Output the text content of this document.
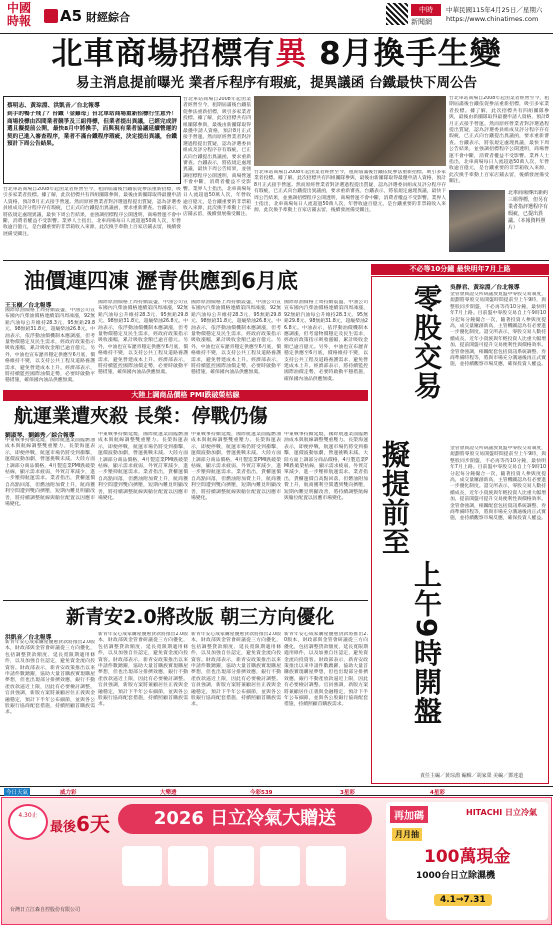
中國時報	A5 財經綜合
中時
新聞網
中華民國115年4月25日／星期六
https://www.chinatimes.com
北車商場招標有異 8月換手生變
易主消息提前曝光 業者斥程序有瑕疵，提異議函 台鐵最快下周公告
蔡明志、黃琮淵、洪凱音／台北報導
到手的鴨子飛了？台鐵「金雞母」台北車站商場重新招標行生意外！商場投標由四間業者競爭及三組得標，但業者提出異議，已經完成評選且擬提前公開，最快8月中將換手，而與現有業者協議延續營運的契約已進入審查程序，業者不滿台鐵程序瑕疵，決定提出異議，台鐵預計下周公告結果。
台北車站商場自2008年起由業者經營至今，租期屆滿後台鐵依促參法重新招標，吸引多家業者投標。據了解，此次招標共有四組團隊參與，最後由新團隊取得最優申請人資格，預計8月正式接手營運。然而原經營業者對評選過程提出質疑，認為評選委員組成及評分程序存有瑕疵，已正式向台鐵提出異議函，要求重新審查。台鐵表示，將依規定處理異議，最快下周公告結果，並強調招標程序公開透明，商場營運不會中斷，消費者權益不受影響。業界人士指出，北車商場每日人流超過50萬人次，年營收逾百億元，是台鐵重要的非票箱收入來源，此次換手牽動上百家店鋪去留，後續發展備受關注。
台北車站商場自2008年起由業者經營至今，租期屆滿後台鐵依促參法重新招標，吸引多家業者投標。據了解，此次招標共有四組團隊參與，最後由新團隊取得最優申請人資格，預計8月正式接手營運。然而原經營業者對評選過程提出質疑，認為評選委員組成及評分程序存有瑕疵，已正式向台鐵提出異議函，要求重新審查。台鐵表示，將依規定處理異議，最快下周公告結果，並強調招標程序公開透明，商場營運不會中斷，消費者權益不受影響。業界人士指出，北車商場每日人流超過50萬人次，年營收逾百億元，是台鐵重要的非票箱收入來源，此次換手牽動上百家店鋪去留，後續發展備受關注。
台北車站商場自2008年起由業者經營至今，租期屆滿後台鐵依促參法重新招標，吸引多家業者投標。據了解，此次招標共有四組團隊參與，最後由新團隊取得最優申請人資格，預計8月正式接手營運。然而原經營業者對評選過程提出質疑，認為評選委員組成及評分程序存有瑕疵，已正式向台鐵提出異議函，要求重新審查。台鐵表示，將依規定處理異議，最快下周公告結果，並強調招標程序公開透明，商場營運不會中斷，消費者權益不受影響。業界人士指出，北車商場每日人流超過50萬人次，年營收逾百億元，是台鐵重要的非票箱收入來源，此次換手牽動上百家店鋪去留，後續發展備受關注。
台北車站商場自2008年起由業者經營至今，租期屆滿後台鐵依促參法重新招標，吸引多家業者投標。據了解，此次招標共有四組團隊參與，最後由新團隊取得最優申請人資格，預計8月正式接手營運。然而原經營業者對評選過程提出質疑，認為評選委員組成及評分程序存有瑕疵，已正式向台鐵提出異議函，要求重新審查。台鐵表示，將依規定處理異議，最快下周公告結果，並強調招標程序公開透明，商場營運不會中斷，消費者權益不受影響。業界人士指出，北車商場每日人流超過50萬人次，年營收逾百億元，是台鐵重要的非票箱收入來源，此次換手牽動上百家店鋪去留，後續發展備受關注。
北車商場傳出新約三組得標，但另有業者指評選程序有瑕疵，已提出異議。（本報資料照片）
油價連四凍 瀝青供應到6月底
王玉樹／台北報導
國際原油價格上周持續震盪，中油公司宣布國內汽柴油價格連續第四周凍漲，92無鉛汽油每公升維持28.3元、95無鉛29.8元、98無鉛31.8元，超級柴油26.8元。中油表示，依浮動油價機制本應調漲，但考量物價穩定及民生需求，經政府政策指示吸收漲幅，累計吸收金額已逾百億元。另外，中油也宣布瀝青穩定供應至6月底，價格維持不變，以支持公共工程及道路養護需求，避免營建成本上升。經濟部表示，將持續監控國際油價走勢，必要時啟動平穩措施，確保國內油品供應無虞。
國際原油價格上周持續震盪，中油公司宣布國內汽柴油價格連續第四周凍漲，92無鉛汽油每公升維持28.3元、95無鉛29.8元、98無鉛31.8元，超級柴油26.8元。中油表示，依浮動油價機制本應調漲，但考量物價穩定及民生需求，經政府政策指示吸收漲幅，累計吸收金額已逾百億元。另外，中油也宣布瀝青穩定供應至6月底，價格維持不變，以支持公共工程及道路養護需求，避免營建成本上升。經濟部表示，將持續監控國際油價走勢，必要時啟動平穩措施，確保國內油品供應無虞。
國際原油價格上周持續震盪，中油公司宣布國內汽柴油價格連續第四周凍漲，92無鉛汽油每公升維持28.3元、95無鉛29.8元、98無鉛31.8元，超級柴油26.8元。中油表示，依浮動油價機制本應調漲，但考量物價穩定及民生需求，經政府政策指示吸收漲幅，累計吸收金額已逾百億元。另外，中油也宣布瀝青穩定供應至6月底，價格維持不變，以支持公共工程及道路養護需求，避免營建成本上升。經濟部表示，將持續監控國際油價走勢，必要時啟動平穩措施，確保國內油品供應無虞。
國際原油價格上周持續震盪，中油公司宣布國內汽柴油價格連續第四周凍漲，92無鉛汽油每公升維持28.3元、95無鉛29.8元、98無鉛31.8元，超級柴油26.8元。中油表示，依浮動油價機制本應調漲，但考量物價穩定及民生需求，經政府政策指示吸收漲幅，累計吸收金額已逾百億元。另外，中油也宣布瀝青穩定供應至6月底，價格維持不變，以支持公共工程及道路養護需求，避免營建成本上升。經濟部表示，將持續監控國際油價走勢，必要時啟動平穩措施，確保國內油品供應無虞。
不必等10分鐘 最快明年7月上路
零股交易
擬提前至
上午9時開盤
吳靜君、黃琮淵／台北報導
金管會與證交所研議放寬盤中零股交易制度，規劃將零股交易開盤時間提前至上午9時，與整股同步開盤，不必再等待10分鐘，最快明年7月上路。目前盤中零股交易自上午9時10分起每分鐘撮合一次，隨著投資人參與度提高，成交量屢創新高，主管機關認為有必要進一步優化制度。證交所表示，零股交易人數持續成長，近年小資族與年輕投資人比重大幅增加，提前開盤可提升交易便利性與價格效率。金管會強調，相關配套包括資訊系統調整、券商準備時程等，將與市場充分溝通後再正式實施，並持續觀察市場反應，確保投資人權益。
金管會與證交所研議放寬盤中零股交易制度，規劃將零股交易開盤時間提前至上午9時，與整股同步開盤，不必再等待10分鐘，最快明年7月上路。目前盤中零股交易自上午9時10分起每分鐘撮合一次，隨著投資人參與度提高，成交量屢創新高，主管機關認為有必要進一步優化制度。證交所表示，零股交易人數持續成長，近年小資族與年輕投資人比重大幅增加，提前開盤可提升交易便利性與價格效率。金管會強調，相關配套包括資訊系統調整、券商準備時程等，將與市場充分溝通後再正式實施，並持續觀察市場反應，確保投資人權益。
責任主編／黃琮淵 編輯／胡家榮 美編／鄧達道
大陸上調商品價格 PMI跌破榮枯線
航運業遭夾殺 長榮：停戰仍傷
劉淑琴、劉錦秀／綜合報導
中東戰事持續延燒，國際航運業面臨燃油成本與航線調整雙重壓力。長榮海運表示，即便停戰，航運市場仍將受到衝擊，運價波動加劇，營運挑戰未減。大陸方面上調部分商品價格，4月製造業PMI跌破榮枯線，顯示需求疲弱，外貿訂單減少，進一步壓抑航運需求。業者指出，貨櫃運價自高點回落，但燃油附加費上升，航商獲利空間遭到雙向擠壓，短期內難見明顯改善，將持續調整航線與艙位配置以因應市場變化。
中東戰事持續延燒，國際航運業面臨燃油成本與航線調整雙重壓力。長榮海運表示，即便停戰，航運市場仍將受到衝擊，運價波動加劇，營運挑戰未減。大陸方面上調部分商品價格，4月製造業PMI跌破榮枯線，顯示需求疲弱，外貿訂單減少，進一步壓抑航運需求。業者指出，貨櫃運價自高點回落，但燃油附加費上升，航商獲利空間遭到雙向擠壓，短期內難見明顯改善，將持續調整航線與艙位配置以因應市場變化。
中東戰事持續延燒，國際航運業面臨燃油成本與航線調整雙重壓力。長榮海運表示，即便停戰，航運市場仍將受到衝擊，運價波動加劇，營運挑戰未減。大陸方面上調部分商品價格，4月製造業PMI跌破榮枯線，顯示需求疲弱，外貿訂單減少，進一步壓抑航運需求。業者指出，貨櫃運價自高點回落，但燃油附加費上升，航商獲利空間遭到雙向擠壓，短期內難見明顯改善，將持續調整航線與艙位配置以因應市場變化。
中東戰事持續延燒，國際航運業面臨燃油成本與航線調整雙重壓力。長榮海運表示，即便停戰，航運市場仍將受到衝擊，運價波動加劇，營運挑戰未減。大陸方面上調部分商品價格，4月製造業PMI跌破榮枯線，顯示需求疲弱，外貿訂單減少，進一步壓抑航運需求。業者指出，貨櫃運價自高點回落，但燃油附加費上升，航商獲利空間遭到雙向擠壓，短期內難見明顯改善，將持續調整航線與艙位配置以因應市場變化。
新青安2.0將改版 朝三方向優化
洪凱音／台北報導
新青年安心成家購屋優惠貸款將推出2.0版本，財政部與金管會研議從三方向優化，包括調整貸款額度、延長寬限期適用條件，以及加強自住認定，避免資金流向投資客。財政部表示，新青安政策推出以來申請件數踴躍，協助大量首購族實現購屋夢想，但也出現部分排擠效應，銀行不動產放款逼近上限，因此有必要檢討調整。官員強調，新版方案將兼顧居住正義與金融穩定，預計下半年公布細節，並與各公股銀行協商配套措施，持續照顧首購族需求。
新青年安心成家購屋優惠貸款將推出2.0版本，財政部與金管會研議從三方向優化，包括調整貸款額度、延長寬限期適用條件，以及加強自住認定，避免資金流向投資客。財政部表示，新青安政策推出以來申請件數踴躍，協助大量首購族實現購屋夢想，但也出現部分排擠效應，銀行不動產放款逼近上限，因此有必要檢討調整。官員強調，新版方案將兼顧居住正義與金融穩定，預計下半年公布細節，並與各公股銀行協商配套措施，持續照顧首購族需求。
新青年安心成家購屋優惠貸款將推出2.0版本，財政部與金管會研議從三方向優化，包括調整貸款額度、延長寬限期適用條件，以及加強自住認定，避免資金流向投資客。財政部表示，新青安政策推出以來申請件數踴躍，協助大量首購族實現購屋夢想，但也出現部分排擠效應，銀行不動產放款逼近上限，因此有必要檢討調整。官員強調，新版方案將兼顧居住正義與金融穩定，預計下半年公布細節，並與各公股銀行協商配套措施，持續照顧首購族需求。
新青年安心成家購屋優惠貸款將推出2.0版本，財政部與金管會研議從三方向優化，包括調整貸款額度、延長寬限期適用條件，以及加強自住認定，避免資金流向投資客。財政部表示，新青安政策推出以來申請件數踴躍，協助大量首購族實現購屋夢想，但也出現部分排擠效應，銀行不動產放款逼近上限，因此有必要檢討調整。官員強調，新版方案將兼顧居住正義與金融穩定，預計下半年公布細節，並與各公股銀行協商配套措施，持續照顧首購族需求。
今日天氣	威力彩	大樂透	今彩539	3星彩	4星彩
4.30止
最後6天	2026 日立冷氣大贈送
台灣日立江森自控股份有限公司
再加碼	HITACHI 日立冷氣
月月抽
100萬現金
1000台日立除濕機
4.1→7.31
